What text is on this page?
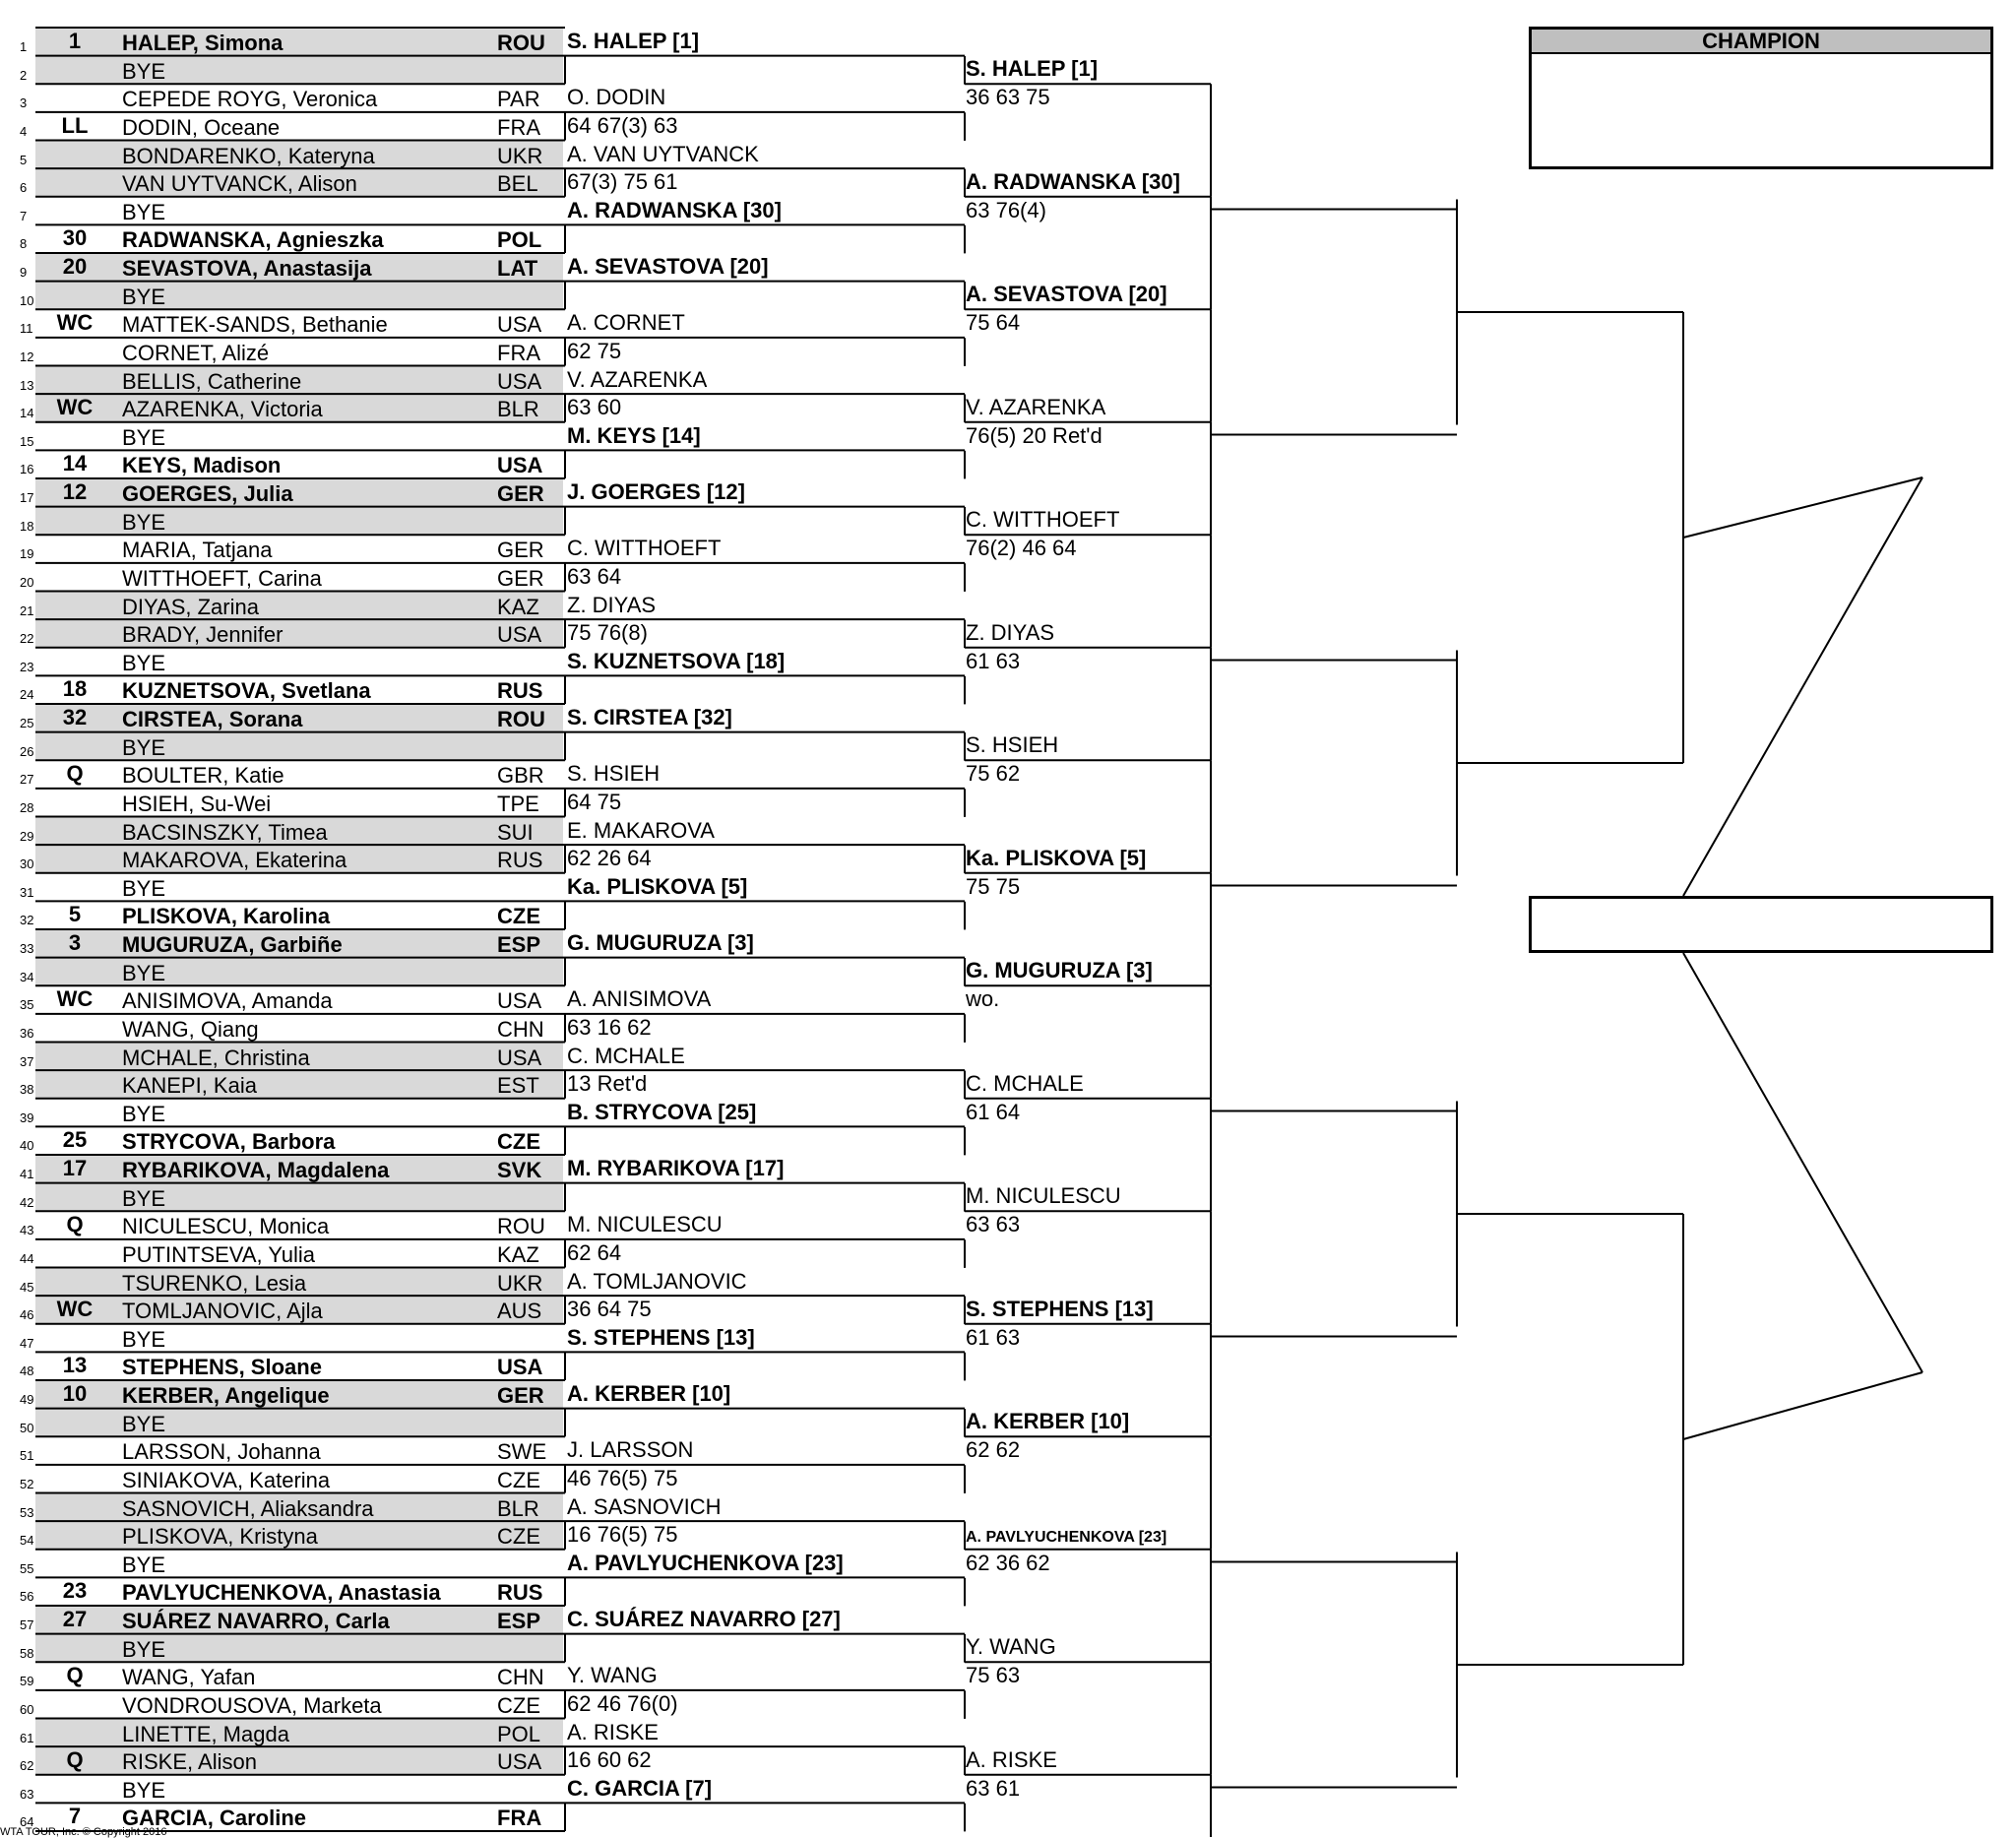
1	1	HALEP, Simona	ROU
2	BYE
3	CEPEDE ROYG, Veronica	PAR
4	LL	DODIN, Oceane	FRA
5	BONDARENKO, Kateryna	UKR
6	VAN UYTVANCK, Alison	BEL
7	BYE
8	30	RADWANSKA, Agnieszka	POL
9	20	SEVASTOVA, Anastasija	LAT
10	BYE
11	WC	MATTEK-SANDS, Bethanie	USA
12	CORNET, Alizé	FRA
13	BELLIS, Catherine	USA
14	WC	AZARENKA, Victoria	BLR
15	BYE
16	14	KEYS, Madison	USA
17	12	GOERGES, Julia	GER
18	BYE
19	MARIA, Tatjana	GER
20	WITTHOEFT, Carina	GER
21	DIYAS, Zarina	KAZ
22	BRADY, Jennifer	USA
23	BYE
24	18	KUZNETSOVA, Svetlana	RUS
25	32	CIRSTEA, Sorana	ROU
26	BYE
27	Q	BOULTER, Katie	GBR
28	HSIEH, Su-Wei	TPE
29	BACSINSZKY, Timea	SUI
30	MAKAROVA, Ekaterina	RUS
31	BYE
32	5	PLISKOVA, Karolina	CZE
33	3	MUGURUZA, Garbiñe	ESP
34	BYE
35	WC	ANISIMOVA, Amanda	USA
36	WANG, Qiang	CHN
37	MCHALE, Christina	USA
38	KANEPI, Kaia	EST
39	BYE
40	25	STRYCOVA, Barbora	CZE
41	17	RYBARIKOVA, Magdalena	SVK
42	BYE
43	Q	NICULESCU, Monica	ROU
44	PUTINTSEVA, Yulia	KAZ
45	TSURENKO, Lesia	UKR
46	WC	TOMLJANOVIC, Ajla	AUS
47	BYE
48	13	STEPHENS, Sloane	USA
49	10	KERBER, Angelique	GER
50	BYE
51	LARSSON, Johanna	SWE
52	SINIAKOVA, Katerina	CZE
53	SASNOVICH, Aliaksandra	BLR
54	PLISKOVA, Kristyna	CZE
55	BYE
56	23	PAVLYUCHENKOVA, Anastasia	RUS
57	27	SUÁREZ NAVARRO, Carla	ESP
58	BYE
59	Q	WANG, Yafan	CHN
60	VONDROUSOVA, Marketa	CZE
61	LINETTE, Magda	POL
62	Q	RISKE, Alison	USA
63	BYE
64	7	GARCIA, Caroline	FRA
S. HALEP [1]
O. DODIN
64 67(3) 63
A. VAN UYTVANCK
67(3) 75 61
A. RADWANSKA [30]
A. SEVASTOVA [20]
A. CORNET
62 75
V. AZARENKA
63 60
M. KEYS [14]
J. GOERGES [12]
C. WITTHOEFT
63 64
Z. DIYAS
75 76(8)
S. KUZNETSOVA [18]
S. CIRSTEA [32]
S. HSIEH
64 75
E. MAKAROVA
62 26 64
Ka. PLISKOVA [5]
G. MUGURUZA [3]
A. ANISIMOVA
63 16 62
C. MCHALE
13 Ret'd
B. STRYCOVA [25]
M. RYBARIKOVA [17]
M. NICULESCU
62 64
A. TOMLJANOVIC
36 64 75
S. STEPHENS [13]
A. KERBER [10]
J. LARSSON
46 76(5) 75
A. SASNOVICH
16 76(5) 75
A. PAVLYUCHENKOVA [23]
C. SUÁREZ NAVARRO [27]
Y. WANG
62 46 76(0)
A. RISKE
16 60 62
C. GARCIA [7]
S. HALEP [1]
36 63 75
A. RADWANSKA [30]
63 76(4)
A. SEVASTOVA [20]
75 64
V. AZARENKA
76(5) 20 Ret'd
C. WITTHOEFT
76(2) 46 64
Z. DIYAS
61 63
S. HSIEH
75 62
Ka. PLISKOVA [5]
75 75
G. MUGURUZA [3]
wo.
C. MCHALE
61 64
M. NICULESCU
63 63
S. STEPHENS [13]
61 63
A. KERBER [10]
62 62
A. PAVLYUCHENKOVA [23]
62 36 62
Y. WANG
75 63
A. RISKE
63 61
CHAMPION
WTA TOUR, Inc. © Copyright 2016
